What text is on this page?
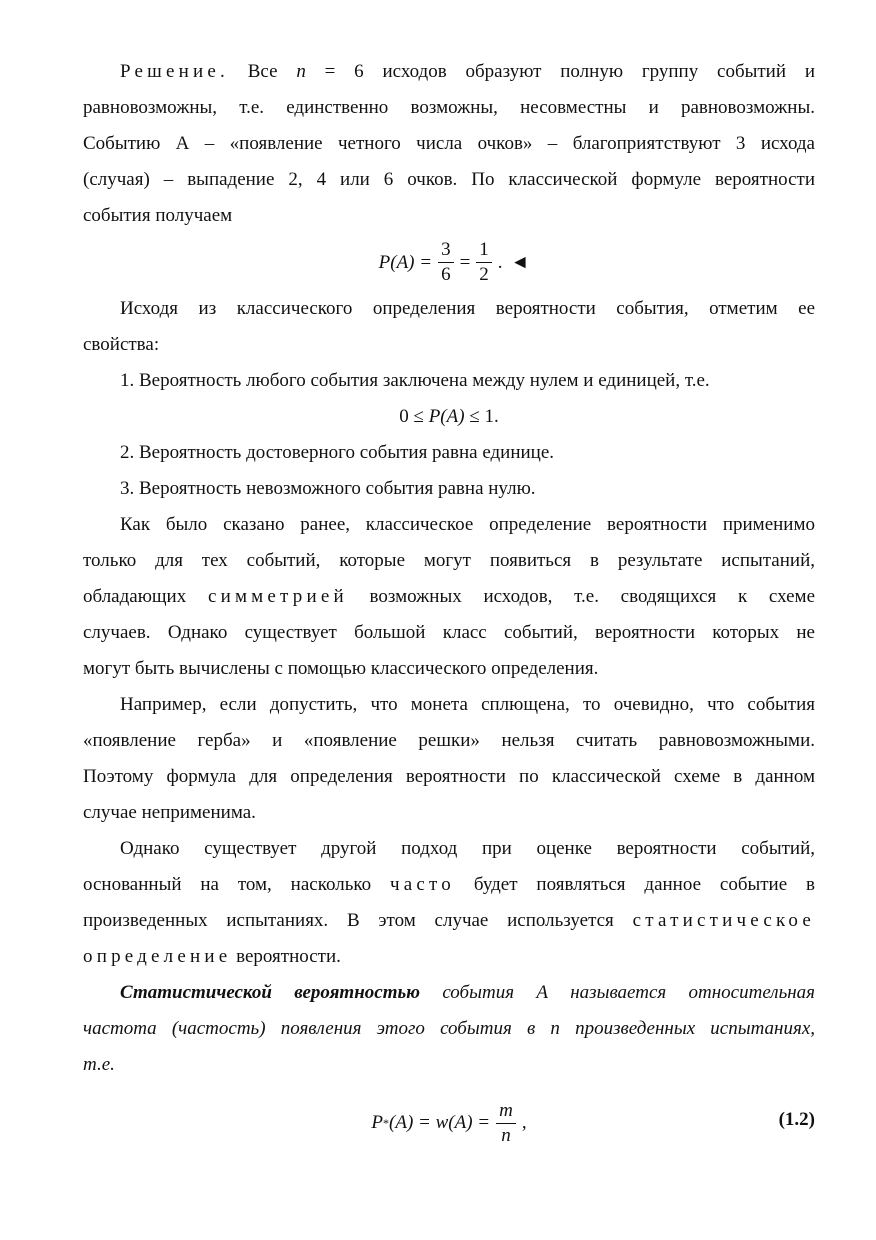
Решение. Все n = 6 исходов образуют полную группу событий и
равновозможны, т.е. единственно возможны, несовместны и равновозможны.
Событию А – «появление четного числа очков» – благоприятствуют 3 исхода
(случая) – выпадение 2, 4 или 6 очков. По классической формуле вероятности
события получаем
$P(A) = \frac{3}{6} = \frac{1}{2}$ . ◄
Исходя из классического определения вероятности события, отметим ее
свойства:
1. Вероятность любого события заключена между нулем и единицей, т.е.
0 ≤ P(A) ≤ 1.
2. Вероятность достоверного события равна единице.
3. Вероятность невозможного события равна нулю.
Как было сказано ранее, классическое определение вероятности применимо
только для тех событий, которые могут появиться в результате испытаний,
обладающих симметрией возможных исходов, т.е. сводящихся к схеме
случаев. Однако существует большой класс событий, вероятности которых не
могут быть вычислены с помощью классического определения.
Например, если допустить, что монета сплющена, то очевидно, что события
«появление герба» и «появление решки» нельзя считать равновозможными.
Поэтому формула для определения вероятности по классической схеме в данном
случае неприменима.
Однако существует другой подход при оценке вероятности событий,
основанный на том, насколько часто будет появляться данное событие в
произведенных испытаниях. В этом случае используется статистическое
определение вероятности.
Статистической вероятностью события А называется относительная
частота (частость) появления этого события в n произведенных испытаниях,
т.е.
$P * (A) = w(A) = \frac{m}{n}$ ,	(1.2)
